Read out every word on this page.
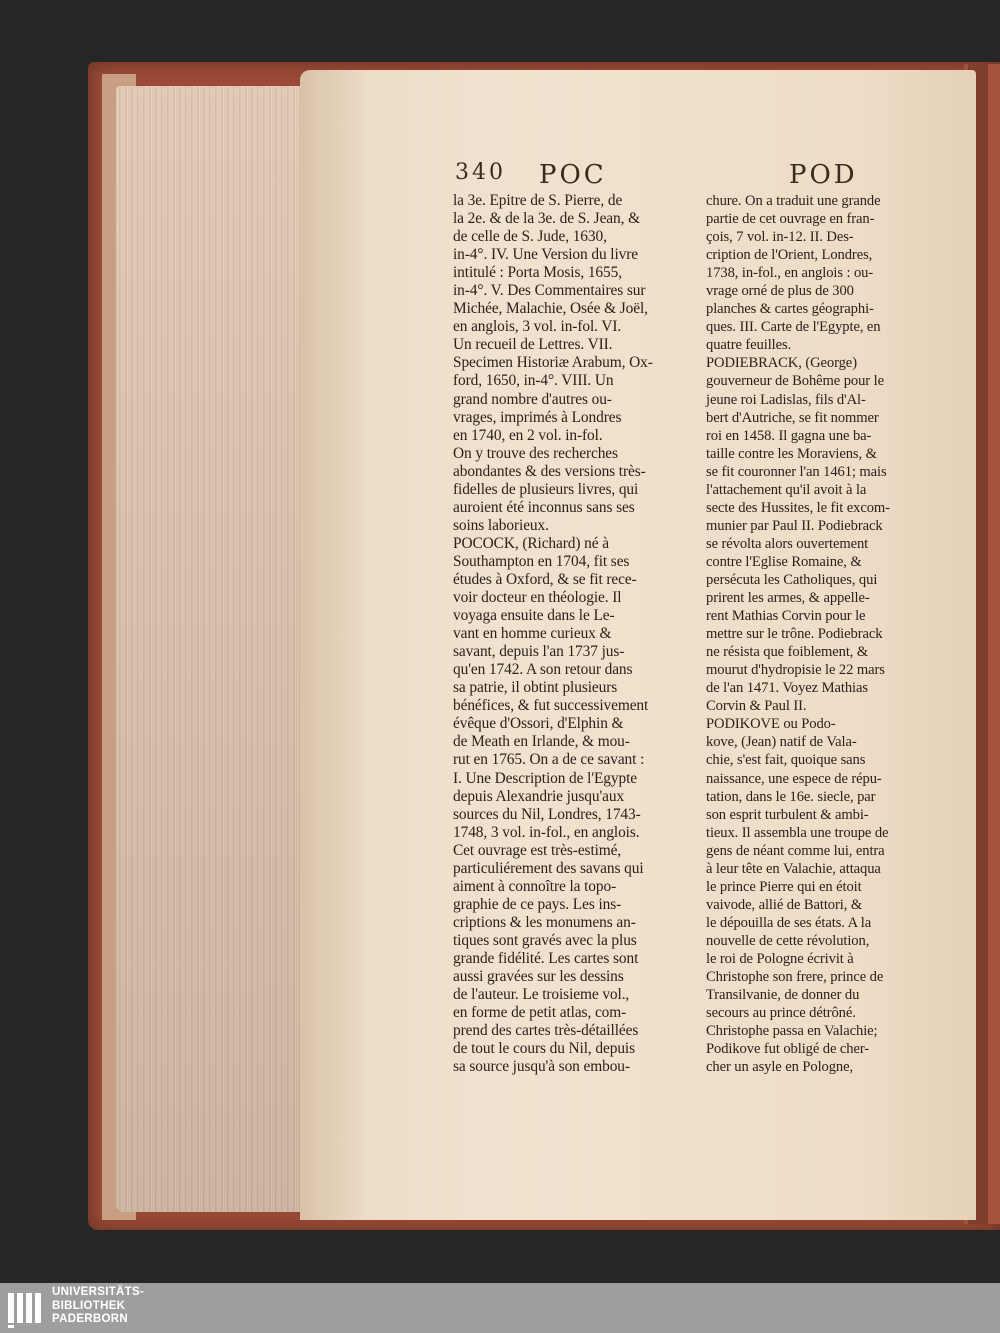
340 POC	POD

la 3e. Epitre de S. Pierre, de

la 2e. & de la 3e. de S. Jean, &

de celle de S. Jude, 1630,

in-4°. IV. Une Version du livre

intitulé : Porta Mosis, 1655,

in-4°. V. Des Commentaires sur

Michée, Malachie, Osée & Joël,

en anglois, 3 vol. in-fol. VI.

Un recueil de Lettres. VII.

Specimen Historiæ Arabum, Ox-

ford, 1650, in-4°. VIII. Un

grand nombre d'autres ou-

vrages, imprimés à Londres

en 1740, en 2 vol. in-fol.

On y trouve des recherches

abondantes & des versions très-

fidelles de plusieurs livres, qui

auroient été inconnus sans ses

soins laborieux.

POCOCK, (Richard) né à

Southampton en 1704, fit ses

études à Oxford, & se fit rece-

voir docteur en théologie. Il

voyaga ensuite dans le Le-

vant en homme curieux &

savant, depuis l'an 1737 jus-

qu'en 1742. A son retour dans

sa patrie, il obtint plusieurs

bénéfices, & fut successivement

évêque d'Ossori, d'Elphin &

de Meath en Irlande, & mou-

rut en 1765. On a de ce savant :

I. Une Description de l'Egypte

depuis Alexandrie jusqu'aux

sources du Nil, Londres, 1743-

1748, 3 vol. in-fol., en anglois.

Cet ouvrage est très-estimé,

particuliérement des savans qui

aiment à connoître la topo-

graphie de ce pays. Les ins-

criptions & les monumens an-

tiques sont gravés avec la plus

grande fidélité. Les cartes sont

aussi gravées sur les dessins

de l'auteur. Le troisieme vol.,

en forme de petit atlas, com-

prend des cartes très-détaillées

de tout le cours du Nil, depuis

sa source jusqu'à son embou-

chure. On a traduit une grande

partie de cet ouvrage en fran-

çois, 7 vol. in-12. II. Des-

cription de l'Orient, Londres,

1738, in-fol., en anglois : ou-

vrage orné de plus de 300

planches & cartes géographi-

ques. III. Carte de l'Egypte, en

quatre feuilles.

PODIEBRACK, (George)

gouverneur de Bohême pour le

jeune roi Ladislas, fils d'Al-

bert d'Autriche, se fit nommer

roi en 1458. Il gagna une ba-

taille contre les Moraviens, &

se fit couronner l'an 1461; mais

l'attachement qu'il avoit à la

secte des Hussites, le fit excom-

munier par Paul II. Podiebrack

se révolta alors ouvertement

contre l'Eglise Romaine, &

persécuta les Catholiques, qui

prirent les armes, & appelle-

rent Mathias Corvin pour le

mettre sur le trône. Podiebrack

ne résista que foiblement, &

mourut d'hydropisie le 22 mars

de l'an 1471. Voyez Mathias

Corvin & Paul II.

PODIKOVE ou Podo-

kove, (Jean) natif de Vala-

chie, s'est fait, quoique sans

naissance, une espece de répu-

tation, dans le 16e. siecle, par

son esprit turbulent & ambi-

tieux. Il assembla une troupe de

gens de néant comme lui, entra

à leur tête en Valachie, attaqua

le prince Pierre qui en étoit

vaivode, allié de Battori, &

le dépouilla de ses états. A la

nouvelle de cette révolution,

le roi de Pologne écrivit à

Christophe son frere, prince de

Transilvanie, de donner du

secours au prince détrôné.

Christophe passa en Valachie;

Podikove fut obligé de cher-

cher un asyle en Pologne,

UNIVERSITÄTS-
BIBLIOTHEK
PADERBORN
